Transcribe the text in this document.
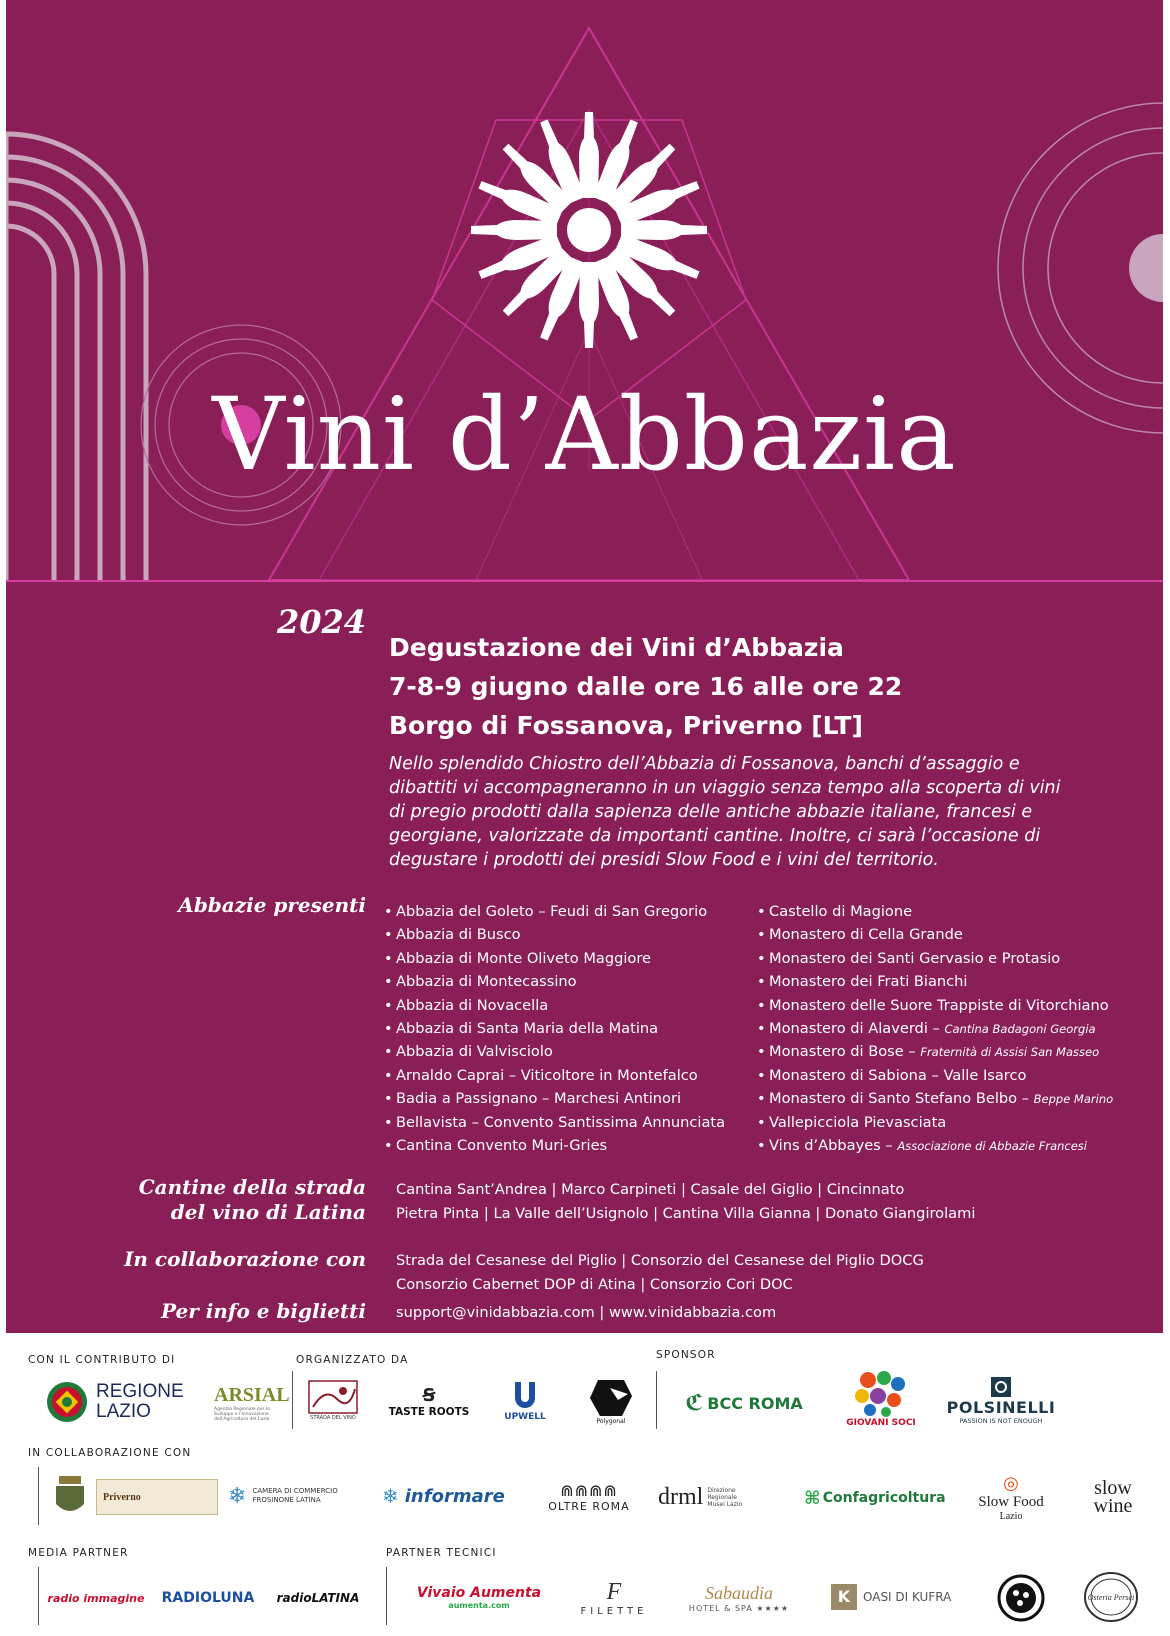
Vini d’Abbazia
2024
Degustazione dei Vini d’Abbazia
7-8-9 giugno dalle ore 16 alle ore 22
Borgo di Fossanova, Priverno [LT]
Nello splendido Chiostro dell’Abbazia di Fossanova, banchi d’assaggio e
dibattiti vi accompagneranno in un viaggio senza tempo alla scoperta di vini
di pregio prodotti dalla sapienza delle antiche abbazie italiane, francesi e
georgiane, valorizzate da importanti cantine. Inoltre, ci sarà l’occasione di
degustare i prodotti dei presidi Slow Food e i vini del territorio.
Abbazie presenti • Abbazia del Goleto – Feudi di San Gregorio
• Abbazia di Busco
• Abbazia di Monte Oliveto Maggiore
• Abbazia di Montecassino
• Abbazia di Novacella
• Abbazia di Santa Maria della Matina
• Abbazia di Valvisciolo
• Arnaldo Caprai – Viticoltore in Montefalco
• Badia a Passignano – Marchesi Antinori
• Bellavista – Convento Santissima Annunciata
• Cantina Convento Muri-Gries
• Castello di Magione
• Monastero di Cella Grande
• Monastero dei Santi Gervasio e Protasio
• Monastero dei Frati Bianchi
• Monastero delle Suore Trappiste di Vitorchiano
• Monastero di Alaverdi – Cantina Badagoni Georgia
• Monastero di Bose – Fraternità di Assisi San Masseo
• Monastero di Sabiona – Valle Isarco
• Monastero di Santo Stefano Belbo – Beppe Marino
• Vallepicciola Pievasciata
• Vins d’Abbayes – Associazione di Abbazie Francesi
Cantine della strada
del vino di Latina
Cantina Sant’Andrea | Marco Carpineti | Casale del Giglio | Cincinnato
Pietra Pinta | La Valle dell’Usignolo | Cantina Villa Gianna | Donato Giangirolami
In collaborazione con Strada del Cesanese del Piglio | Consorzio del Cesanese del Piglio DOCG
Consorzio Cabernet DOP di Atina | Consorzio Cori DOC
Per info e biglietti support@vinidabbazia.com | www.vinidabbazia.com
CON IL CONTRIBUTO DI	ORGANIZZATO DA	SPONSOR
REGIONE
LAZIO
ARSIAL
Agenzia Regionale per lo Sviluppo e l'Innovazione dell'Agricoltura del Lazio	STRADA DEL VINO
Ꞩ
TASTE ROOTS	UPWELL	Polygonal
ℭ BCC ROMA
GIOVANI SOCI
POLSINELLI
PASSION IS NOT ENOUGH
IN COLLABORAZIONE CON
Priverno	❄ CAMERA DI COMMERCIO
FROSINONE LATINA	❄ informare	⋒⋒⋒⋒
OLTRE ROMA drml Direzione Regionale Musei Lazio	⌘ Confagricoltura
◎
Slow Food
Lazio
slow
wine
MEDIA PARTNER	PARTNER TECNICI
radio immagine RADIOLUNA radioLATINA	Vivaio Aumenta
aumenta.com	F
FILETTE
Sabaudia
HOTEL & SPA ★★★★
K	OASI DI KUFRA	Osteria Persei
